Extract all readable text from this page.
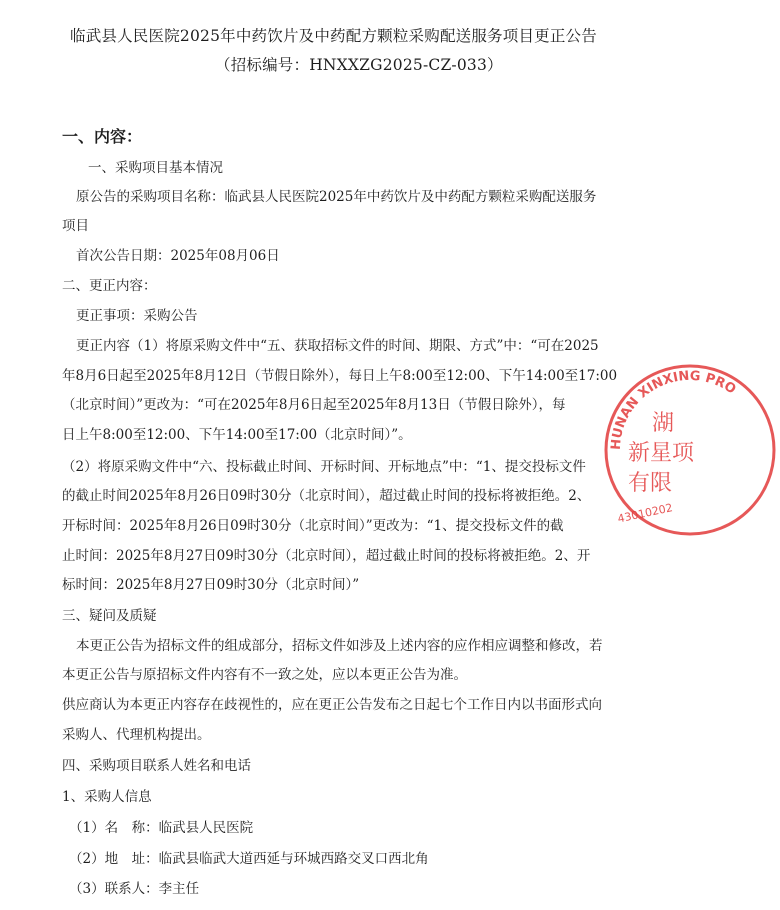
临武县人民医院2025年中药饮片及中药配方颗粒采购配送服务项目更正公告
（招标编号：HNXXZG2025-CZ-033）
一、内容：
一、采购项目基本情况
原公告的采购项目名称：临武县人民医院2025年中药饮片及中药配方颗粒采购配送服务
项目
首次公告日期：2025年08月06日
二、更正内容：
更正事项：采购公告
更正内容（1）将原采购文件中“五、获取招标文件的时间、期限、方式”中：“可在2025
年8月6日起至2025年8月12日（节假日除外），每日上午8:00至12:00、下午14:00至17:00
（北京时间）”更改为：“可在2025年8月6日起至2025年8月13日（节假日除外），每
日上午8:00至12:00、下午14:00至17:00（北京时间）”。
（2）将原采购文件中“六、投标截止时间、开标时间、开标地点”中：“1、提交投标文件
的截止时间2025年8月26日09时30分（北京时间），超过截止时间的投标将被拒绝。2、
开标时间：2025年8月26日09时30分（北京时间）”更改为：“1、提交投标文件的截
止时间：2025年8月27日09时30分（北京时间），超过截止时间的投标将被拒绝。2、开
标时间：2025年8月27日09时30分（北京时间）”
三、疑问及质疑
本更正公告为招标文件的组成部分，招标文件如涉及上述内容的应作相应调整和修改，若
本更正公告与原招标文件内容有不一致之处，应以本更正公告为准。
供应商认为本更正内容存在歧视性的，应在更正公告发布之日起七个工作日内以书面形式向
采购人、代理机构提出。
四、采购项目联系人姓名和电话
1、采购人信息
（1）名　称：临武县人民医院
（2）地　址：临武县临武大道西延与环城西路交叉口西北角
（3）联系人：李主任
HUNAN XINXING PRO
湖
新星项
有限
43010202
